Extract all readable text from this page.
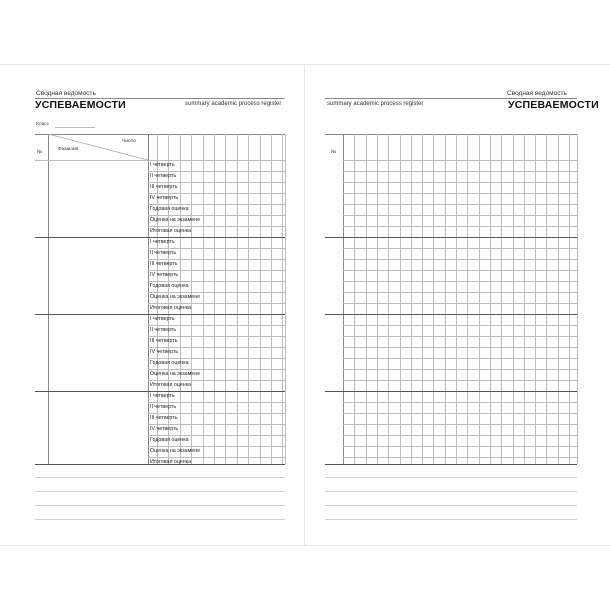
Сводная ведомость
УСПЕВАЕМОСТИ	summary academic process register
Класс
№
Фамилия
Число
I четверть
II четверть
III четверть
IV четверть
Годовая оценка
Оценка на экзамене
Итоговая оценка
I четверть
II четверть
III четверть
IV четверть
Годовая оценка
Оценка на экзамене
Итоговая оценка
I четверть
II четверть
III четверть
IV четверть
Годовая оценка
Оценка на экзамене
Итоговая оценка
I четверть
II четверть
III четверть
IV четверть
Годовая оценка
Оценка на экзамене
Итоговая оценка
summary academic process register
Сводная ведомость
УСПЕВАЕМОСТИ
№
